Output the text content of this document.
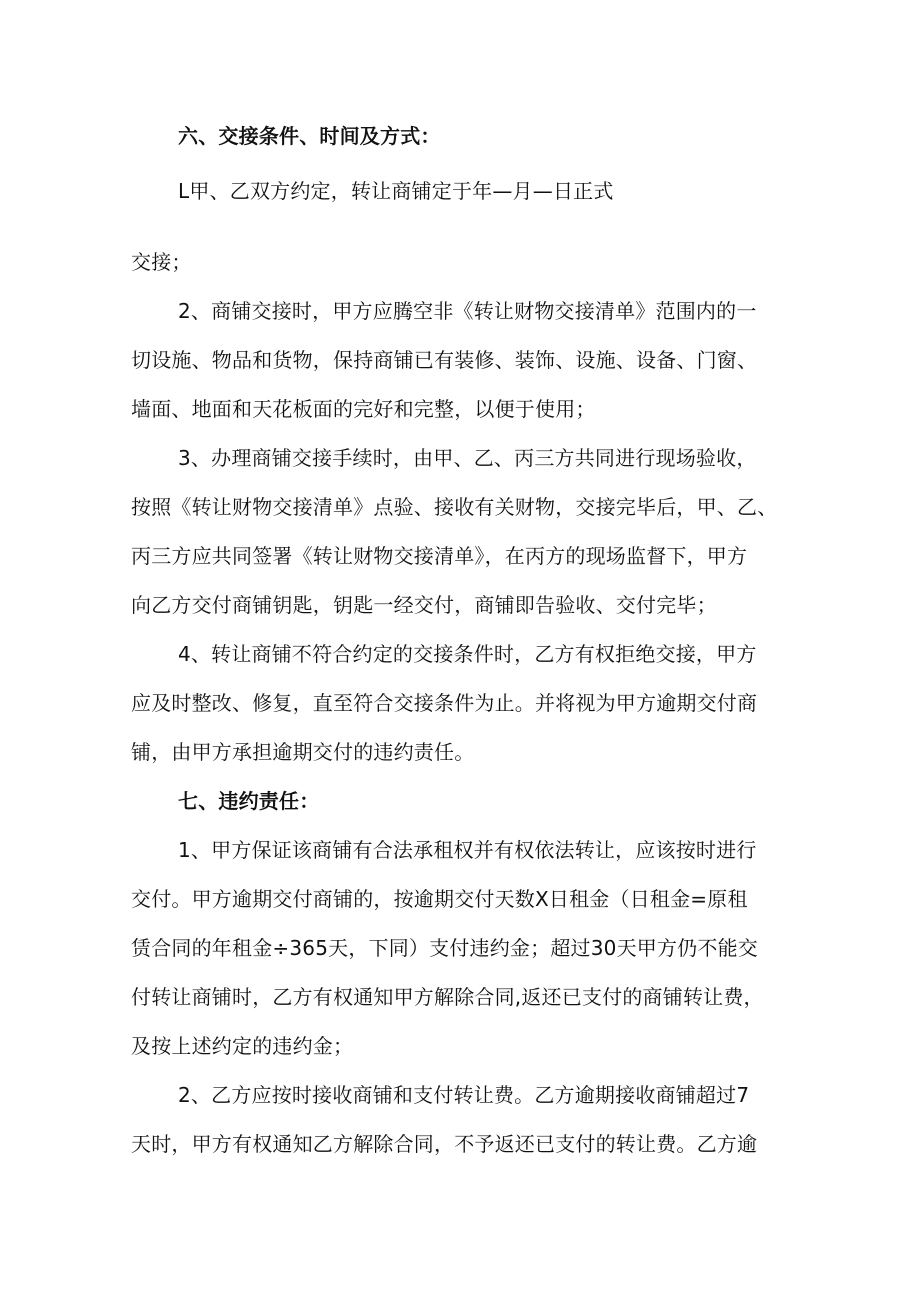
六、交接条件、时间及方式：
L甲、乙双方约定，转让商铺定于年—月—日正式
交接；
2、商铺交接时，甲方应腾空非《转让财物交接清单》范围内的一
切设施、物品和货物，保持商铺已有装修、装饰、设施、设备、门窗、
墙面、地面和天花板面的完好和完整，以便于使用；
3、办理商铺交接手续时，由甲、乙、丙三方共同进行现场验收，
按照《转让财物交接清单》点验、接收有关财物，交接完毕后，甲、乙、
丙三方应共同签署《转让财物交接清单》，在丙方的现场监督下，甲方
向乙方交付商铺钥匙，钥匙一经交付，商铺即告验收、交付完毕；
4、转让商铺不符合约定的交接条件时，乙方有权拒绝交接，甲方
应及时整改、修复，直至符合交接条件为止。并将视为甲方逾期交付商
铺，由甲方承担逾期交付的违约责任。
七、违约责任：
1、甲方保证该商铺有合法承租权并有权依法转让，应该按时进行
交付。甲方逾期交付商铺的，按逾期交付天数X日租金（日租金=原租
赁合同的年租金÷365天，下同）支付违约金；超过30天甲方仍不能交
付转让商铺时，乙方有权通知甲方解除合同,返还已支付的商铺转让费，
及按上述约定的违约金；
2、乙方应按时接收商铺和支付转让费。乙方逾期接收商铺超过7
天时，甲方有权通知乙方解除合同，不予返还已支付的转让费。乙方逾
